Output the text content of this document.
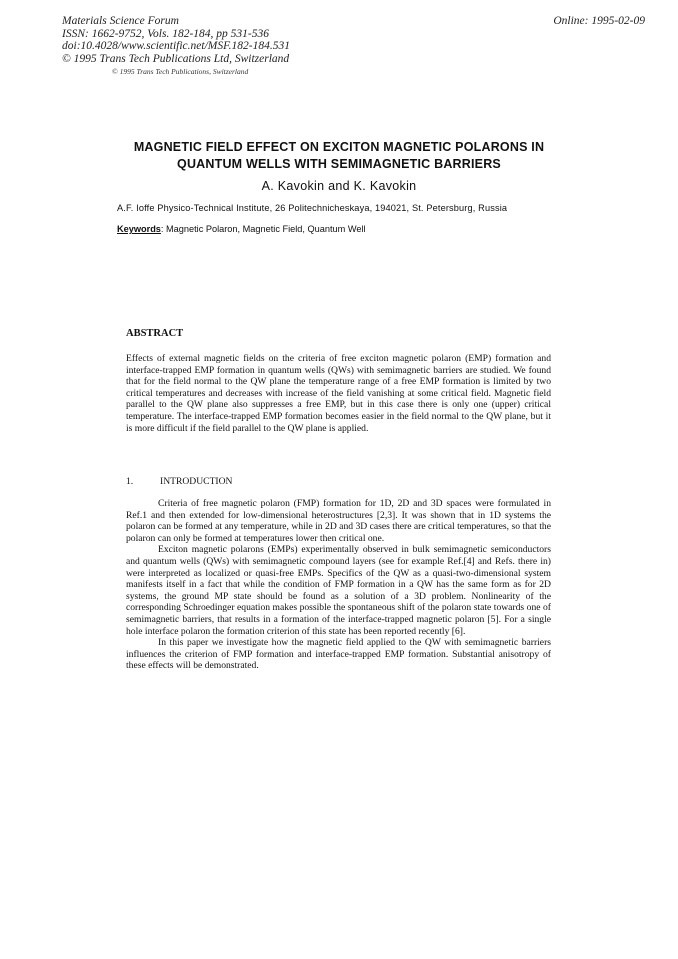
Materials Science Forum
ISSN: 1662-9752, Vols. 182-184, pp 531-536
doi:10.4028/www.scientific.net/MSF.182-184.531
© 1995 Trans Tech Publications Ltd, Switzerland
Online: 1995-02-09
© 1995 Trans Tech Publications, Switzerland
MAGNETIC FIELD EFFECT ON EXCITON MAGNETIC POLARONS IN
QUANTUM WELLS WITH SEMIMAGNETIC BARRIERS
A. Kavokin and K. Kavokin
A.F. Ioffe Physico-Technical Institute, 26 Politechnicheskaya, 194021, St. Petersburg, Russia
Keywords: Magnetic Polaron, Magnetic Field, Quantum Well
ABSTRACT
Effects of external magnetic fields on the criteria of free exciton magnetic polaron (EMP) formation and interface-trapped EMP formation in quantum wells (QWs) with semimagnetic barriers are studied. We found that for the field normal to the QW plane the temperature range of a free EMP formation is limited by two critical temperatures and decreases with increase of the field vanishing at some critical field. Magnetic field parallel to the QW plane also suppresses a free EMP, but in this case there is only one (upper) critical temperature. The interface-trapped EMP formation becomes easier in the field normal to the QW plane, but it is more difficult if the field parallel to the QW plane is applied.
1.	INTRODUCTION

Criteria of free magnetic polaron (FMP) formation for 1D, 2D and 3D spaces were formulated in Ref.1 and then extended for low-dimensional heterostructures [2,3]. It was shown that in 1D systems the polaron can be formed at any temperature, while in 2D and 3D cases there are critical temperatures, so that the polaron can only be formed at temperatures lower then critical one.

Exciton magnetic polarons (EMPs) experimentally observed in bulk semimagnetic semiconductors and quantum wells (QWs) with semimagnetic compound layers (see for example Ref.[4] and Refs. there in) were interpreted as localized or quasi-free EMPs. Specifics of the QW as a quasi-two-dimensional system manifests itself in a fact that while the condition of FMP formation in a QW has the same form as for 2D systems, the ground MP state should be found as a solution of a 3D problem. Nonlinearity of the corresponding Schroedinger equation makes possible the spontaneous shift of the polaron state towards one of semimagnetic barriers, that results in a formation of the interface-trapped magnetic polaron [5]. For a single hole interface polaron the formation criterion of this state has been reported recently [6].

In this paper we investigate how the magnetic field applied to the QW with semimagnetic barriers influences the criterion of FMP formation and interface-trapped EMP formation. Substantial anisotropy of these effects will be demonstrated.
